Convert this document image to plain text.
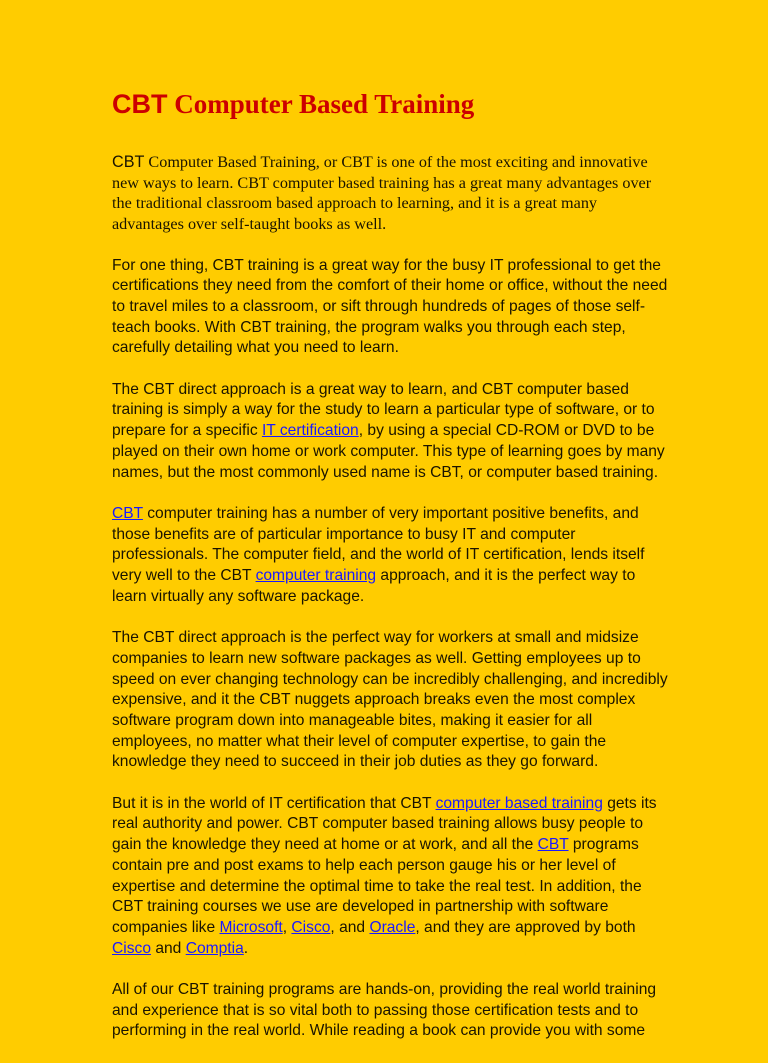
CBT Computer Based Training

CBT Computer Based Training, or CBT is one of the most exciting and innovative new ways to learn. CBT computer based training has a great many advantages over the traditional classroom based approach to learning, and it is a great many advantages over self-taught books as well.

For one thing, CBT training is a great way for the busy IT professional to get the certifications they need from the comfort of their home or office, without the need to travel miles to a classroom, or sift through hundreds of pages of those self-teach books. With CBT training, the program walks you through each step, carefully detailing what you need to learn.

The CBT direct approach is a great way to learn, and CBT computer based training is simply a way for the study to learn a particular type of software, or to prepare for a specific IT certification, by using a special CD-ROM or DVD to be played on their own home or work computer. This type of learning goes by many names, but the most commonly used name is CBT, or computer based training.

CBT computer training has a number of very important positive benefits, and those benefits are of particular importance to busy IT and computer professionals. The computer field, and the world of IT certification, lends itself very well to the CBT computer training approach, and it is the perfect way to learn virtually any software package.

The CBT direct approach is the perfect way for workers at small and midsize companies to learn new software packages as well. Getting employees up to speed on ever changing technology can be incredibly challenging, and incredibly expensive, and it the CBT nuggets approach breaks even the most complex software program down into manageable bites, making it easier for all employees, no matter what their level of computer expertise, to gain the knowledge they need to succeed in their job duties as they go forward.

But it is in the world of IT certification that CBT computer based training gets its real authority and power. CBT computer based training allows busy people to gain the knowledge they need at home or at work, and all the CBT programs contain pre and post exams to help each person gauge his or her level of expertise and determine the optimal time to take the real test. In addition, the CBT training courses we use are developed in partnership with software companies like Microsoft, Cisco, and Oracle, and they are approved by both Cisco and Comptia.

All of our CBT training programs are hands-on, providing the real world training and experience that is so vital both to passing those certification tests and to performing in the real world. While reading a book can provide you with some
